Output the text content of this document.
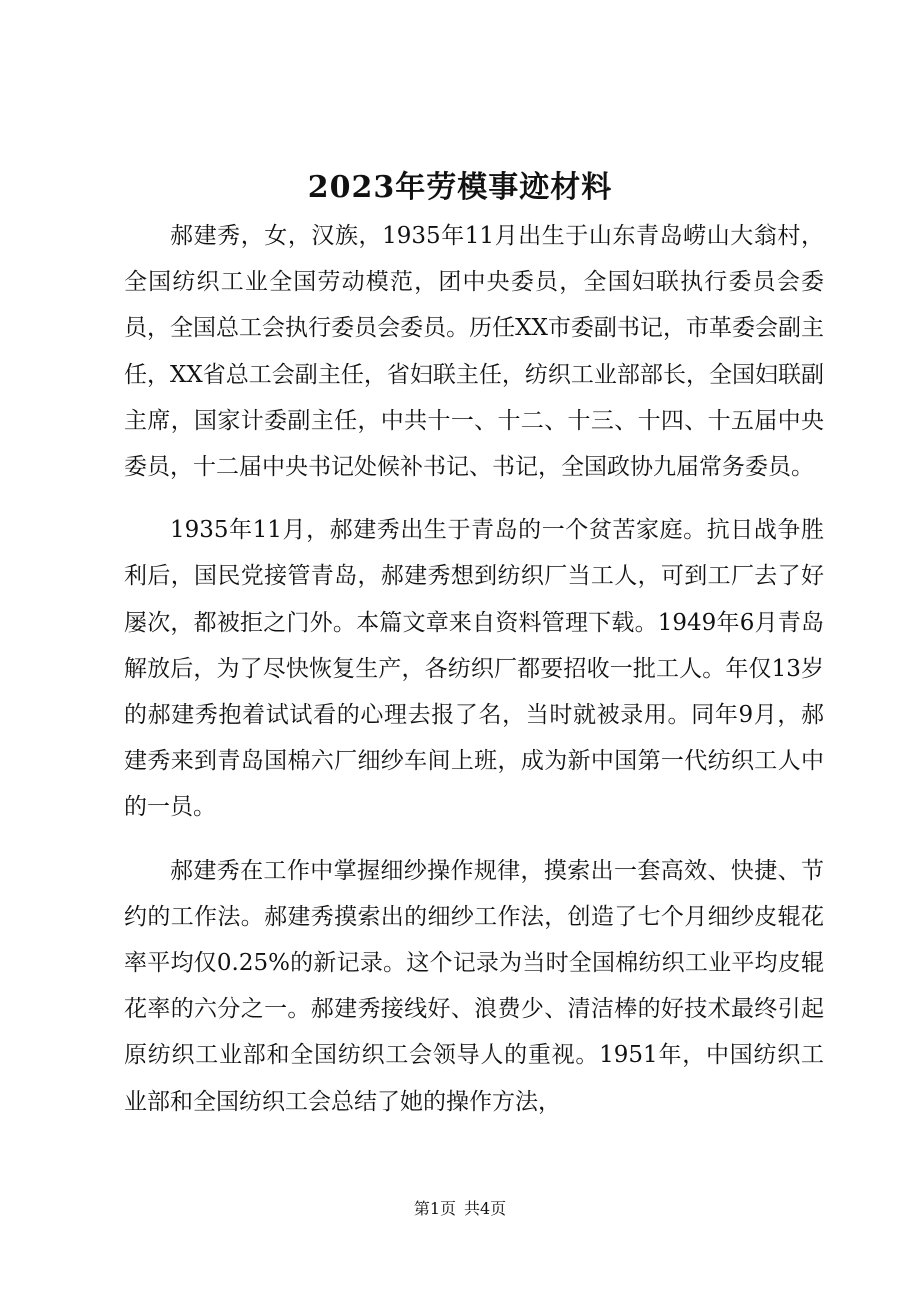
2023年劳模事迹材料

郝建秀，女，汉族，1935年11月出生于山东青岛崂山大翁村，全国纺织工业全国劳动模范，团中央委员，全国妇联执行委员会委员，全国总工会执行委员会委员。历任XX市委副书记，市革委会副主任，XX省总工会副主任，省妇联主任，纺织工业部部长，全国妇联副主席，国家计委副主任，中共十一、十二、十三、十四、十五届中央委员，十二届中央书记处候补书记、书记，全国政协九届常务委员。

1935年11月，郝建秀出生于青岛的一个贫苦家庭。抗日战争胜利后，国民党接管青岛，郝建秀想到纺织厂当工人，可到工厂去了好屡次，都被拒之门外。本篇文章来自资料管理下载。1949年6月青岛解放后，为了尽快恢复生产，各纺织厂都要招收一批工人。年仅13岁的郝建秀抱着试试看的心理去报了名，当时就被录用。同年9月，郝建秀来到青岛国棉六厂细纱车间上班，成为新中国第一代纺织工人中的一员。

郝建秀在工作中掌握细纱操作规律，摸索出一套高效、快捷、节约的工作法。郝建秀摸索出的细纱工作法，创造了七个月细纱皮辊花率平均仅0.25%的新记录。这个记录为当时全国棉纺织工业平均皮辊花率的六分之一。郝建秀接线好、浪费少、清洁棒的好技术最终引起原纺织工业部和全国纺织工会领导人的重视。1951年，中国纺织工业部和全国纺织工会总结了她的操作方法，

第1页 共4页
